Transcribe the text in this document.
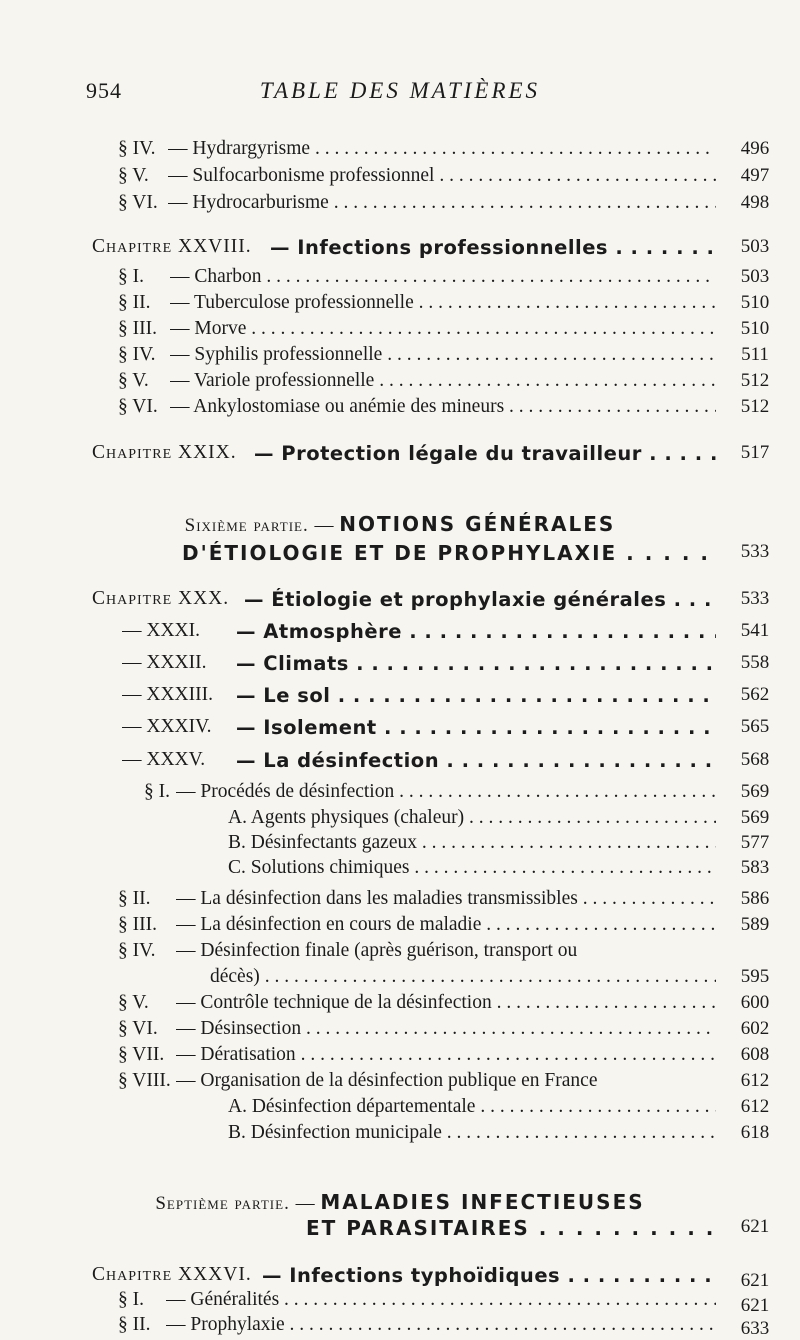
954	TABLE DES MATIÈRES
§ IV. — Hydrargyrisme . . .	496
§ V. — Sulfocarbonisme professionnel . . .	497
§ VI. — Hydrocarburisme . . .	498
Chapitre XXVIII. — Infections professionnelles . . .	503
§ I.	— Charbon . . .	503
§ II.	— Tuberculose professionnelle . . .	510
§ III. — Morve . . .	510
§ IV. — Syphilis professionnelle . . .	511
§ V.	— Variole professionnelle . . .	512
§ VI. — Ankylostomiase ou anémie des mineurs . . .	512
Chapitre XXIX. — Protection légale du travailleur . . .	517
Sixième partie. — NOTIONS GÉNÉRALES
D'ÉTIOLOGIE ET DE PROPHYLAXIE . . .	533
Chapitre XXX. — Étiologie et prophylaxie générales . . .	533
— XXXI.	— Atmosphère . . .	541
— XXXII.	— Climats . . .	558
— XXXIII.	— Le sol . . .	562
— XXXIV.	— Isolement . . .	565
— XXXV.	— La désinfection . . .	568
§ I. — Procédés de désinfection . . .	569
A. Agents physiques (chaleur) . . .	569
B. Désinfectants gazeux . . .	577
C. Solutions chimiques . . .	583
§ II.	— La désinfection dans les maladies transmissibles . . .	586
§ III. — La désinfection en cours de maladie . . .	589
§ IV.	— Désinfection finale (après guérison, transport ou
décès) . . .	595
§ V.	— Contrôle technique de la désinfection . . .	600
§ VI. — Désinsection . . .	602
§ VII. — Dératisation . . .	608
§ VIII. — Organisation de la désinfection publique en France	612
A. Désinfection départementale . . .	612
B. Désinfection municipale . . .	618
Septième partie. — MALADIES INFECTIEUSES
ET PARASITAIRES . . .	621
Chapitre XXXVI. — Infections typhoïdiques . . .	621
§ I.	— Généralités . . .	621
§ II. — Prophylaxie . . .	633
